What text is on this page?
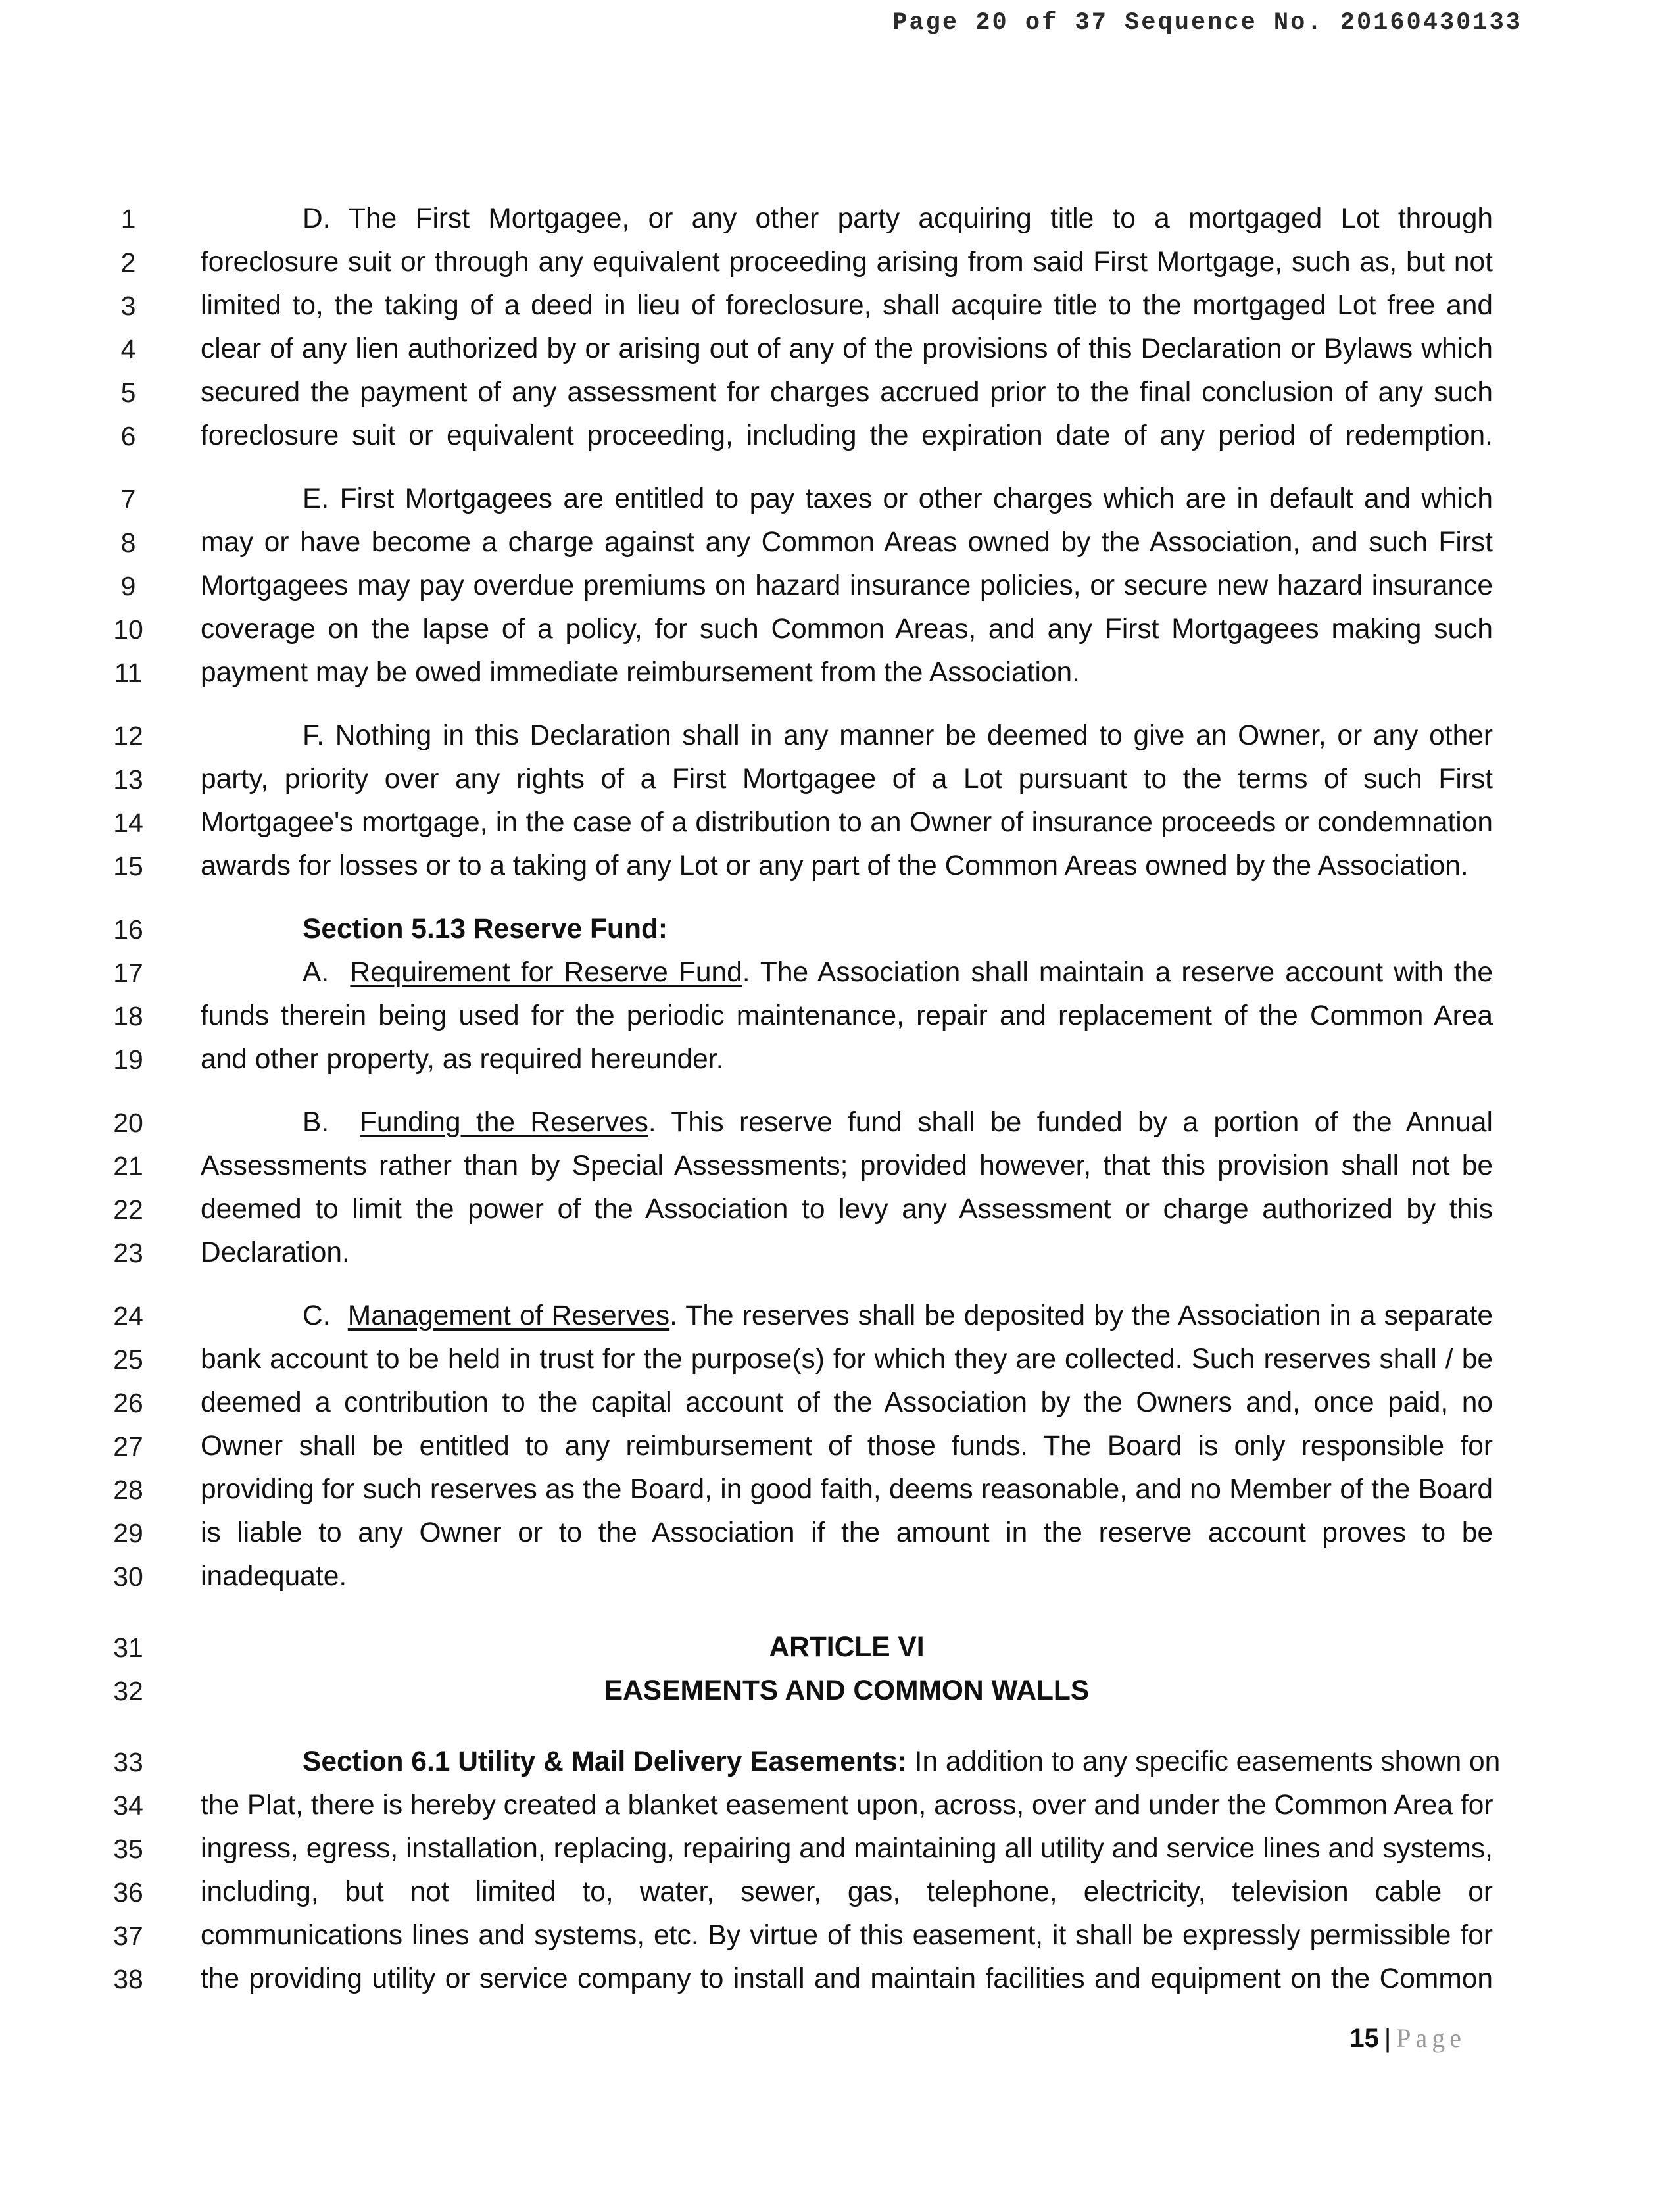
Page 20 of 37 Sequence No. 20160430133
1	D. The First Mortgagee, or any other party acquiring title to a mortgaged Lot through
2	foreclosure suit or through any equivalent proceeding arising from said First Mortgage, such as, but not
3	limited to, the taking of a deed in lieu of foreclosure, shall acquire title to the mortgaged Lot free and
4	clear of any lien authorized by or arising out of any of the provisions of this Declaration or Bylaws which
5	secured the payment of any assessment for charges accrued prior to the final conclusion of any such
6	foreclosure suit or equivalent proceeding, including the expiration date of any period of redemption.
7	E. First Mortgagees are entitled to pay taxes or other charges which are in default and which
8	may or have become a charge against any Common Areas owned by the Association, and such First
9	Mortgagees may pay overdue premiums on hazard insurance policies, or secure new hazard insurance
10	coverage on the lapse of a policy, for such Common Areas, and any First Mortgagees making such
11	payment may be owed immediate reimbursement from the Association.
12	F. Nothing in this Declaration shall in any manner be deemed to give an Owner, or any other
13	party, priority over any rights of a First Mortgagee of a Lot pursuant to the terms of such First
14	Mortgagee's mortgage, in the case of a distribution to an Owner of insurance proceeds or condemnation
15	awards for losses or to a taking of any Lot or any part of the Common Areas owned by the Association.
16	Section 5.13 Reserve Fund:
17	A. Requirement for Reserve Fund. The Association shall maintain a reserve account with the
18	funds therein being used for the periodic maintenance, repair and replacement of the Common Area
19	and other property, as required hereunder.
20	B. Funding the Reserves. This reserve fund shall be funded by a portion of the Annual
21	Assessments rather than by Special Assessments; provided however, that this provision shall not be
22	deemed to limit the power of the Association to levy any Assessment or charge authorized by this
23	Declaration.
24	C. Management of Reserves. The reserves shall be deposited by the Association in a separate
25	bank account to be held in trust for the purpose(s) for which they are collected. Such reserves shall / be
26	deemed a contribution to the capital account of the Association by the Owners and, once paid, no
27	Owner shall be entitled to any reimbursement of those funds. The Board is only responsible for
28	providing for such reserves as the Board, in good faith, deems reasonable, and no Member of the Board
29	is liable to any Owner or to the Association if the amount in the reserve account proves to be
30	inadequate.
31	ARTICLE VI
32	EASEMENTS AND COMMON WALLS
33	Section 6.1 Utility & Mail Delivery Easements: In addition to any specific easements shown on
34	the Plat, there is hereby created a blanket easement upon, across, over and under the Common Area for
35	ingress, egress, installation, replacing, repairing and maintaining all utility and service lines and systems,
36	including, but not limited to, water, sewer, gas, telephone, electricity, television cable or
37	communications lines and systems, etc. By virtue of this easement, it shall be expressly permissible for
38	the providing utility or service company to install and maintain facilities and equipment on the Common
15 | Page
